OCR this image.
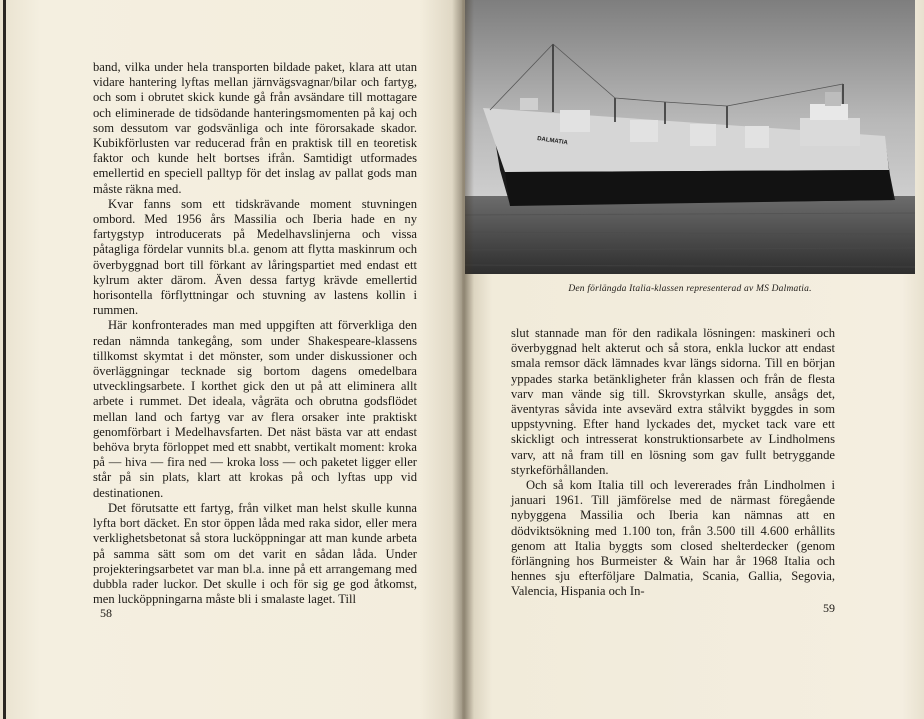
band, vilka under hela transporten bildade paket, klara att utan vidare hantering lyftas mellan järnvägsvagnar/bilar och fartyg, och som i obrutet skick kunde gå från avsändare till mottagare och eliminerade de tidsödande hanteringsmomenten på kaj och som dessutom var godsvänliga och inte förorsakade skador. Kubikförlusten var reducerad från en praktisk till en teoretisk faktor och kunde helt bortses ifrån. Samtidigt utformades emellertid en speciell palltyp för det inslag av pallat gods man måste räkna med.

Kvar fanns som ett tidskrävande moment stuvningen ombord. Med 1956 års Massilia och Iberia hade en ny fartygstyp introducerats på Medelhavslinjerna och vissa påtagliga fördelar vunnits bl.a. genom att flytta maskinrum och överbyggnad bort till förkant av låringspartiet med endast ett kylrum akter därom. Även dessa fartyg krävde emellertid horisontella förflyttningar och stuvning av lastens kollin i rummen.

Här konfronterades man med uppgiften att förverkliga den redan nämnda tankegång, som under Shakespeare-klassens tillkomst skymtat i det mönster, som under diskussioner och överläggningar tecknade sig bortom dagens omedelbara utvecklingsarbete. I korthet gick den ut på att eliminera allt arbete i rummet. Det ideala, vågräta och obrutna godsflödet mellan land och fartyg var av flera orsaker inte praktiskt genomförbart i Medelhavsfarten. Det näst bästa var att endast behöva bryta förloppet med ett snabbt, vertikalt moment: kroka på — hiva — fira ned — kroka loss — och paketet ligger eller står på sin plats, klart att krokas på och lyftas upp vid destinationen.

Det förutsatte ett fartyg, från vilket man helst skulle kunna lyfta bort däcket. En stor öppen låda med raka sidor, eller mera verklighetsbetonat så stora lucköppningar att man kunde arbeta på samma sätt som om det varit en sådan låda. Under projekteringsarbetet var man bl.a. inne på ett arrangemang med dubbla rader luckor. Det skulle i och för sig ge god åtkomst, men lucköppningarna måste bli i smalaste laget. Till

58
DALMATIA
Den förlängda Italia-klassen representerad av MS Dalmatia.

slut stannade man för den radikala lösningen: maskineri och överbyggnad helt akterut och så stora, enkla luckor att endast smala remsor däck lämnades kvar längs sidorna. Till en början yppades starka betänkligheter från klassen och från de flesta varv man vände sig till. Skrovstyrkan skulle, ansågs det, äventyras såvida inte avsevärd extra stålvikt byggdes in som uppstyvning. Efter hand lyckades det, mycket tack vare ett skickligt och intresserat konstruktionsarbete av Lindholmens varv, att nå fram till en lösning som gav fullt betryggande styrkeförhållanden.

Och så kom Italia till och levererades från Lindholmen i januari 1961. Till jämförelse med de närmast föregående nybyggena Massilia och Iberia kan nämnas att en dödviktsökning med 1.100 ton, från 3.500 till 4.600 erhållits genom att Italia byggts som closed shelterdecker (genom förlängning hos Burmeister & Wain har år 1968 Italia och hennes sju efterföljare Dalmatia, Scania, Gallia, Segovia, Valencia, Hispania och In-

59
